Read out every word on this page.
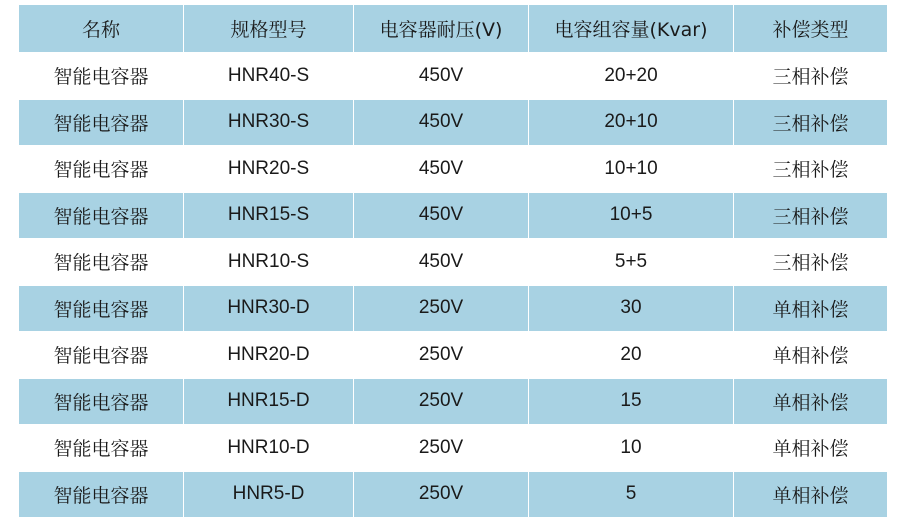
名称	规格型号	电容器耐压(V)	电容组容量(Kvar)	补偿类型
智能电容器	HNR40-S	450V	20+20	三相补偿
智能电容器	HNR30-S	450V	20+10	三相补偿
智能电容器	HNR20-S	450V	10+10	三相补偿
智能电容器	HNR15-S	450V	10+5	三相补偿
智能电容器	HNR10-S	450V	5+5	三相补偿
智能电容器	HNR30-D	250V	30	单相补偿
智能电容器	HNR20-D	250V	20	单相补偿
智能电容器	HNR15-D	250V	15	单相补偿
智能电容器	HNR10-D	250V	10	单相补偿
智能电容器	HNR5-D	250V	5	单相补偿
